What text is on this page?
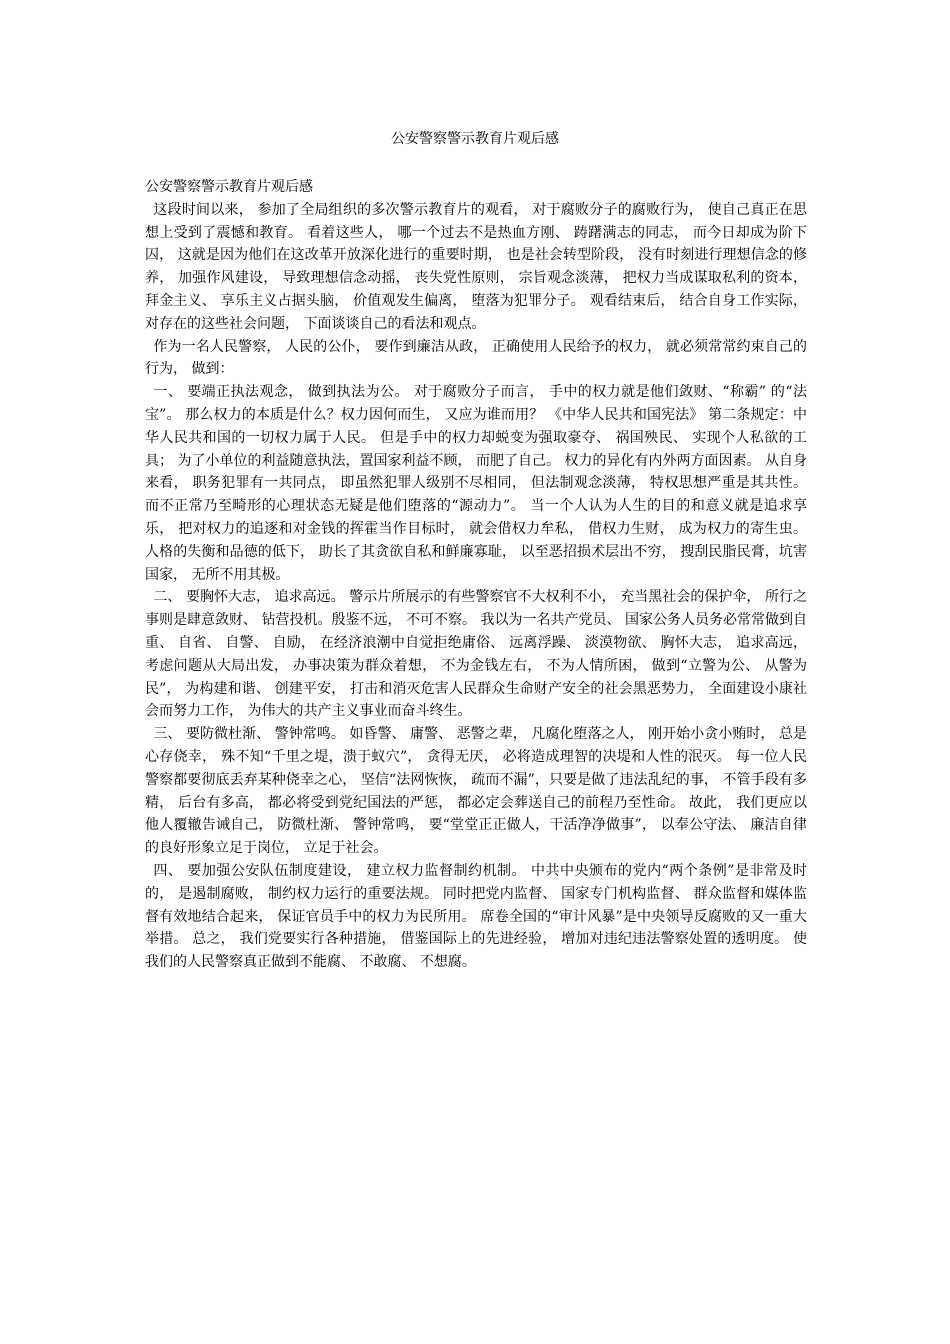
公安警察警示教育片观后感

公安警察警示教育片观后感

这段时间以来， 参加了全局组织的多次警示教育片的观看， 对于腐败分子的腐败行为， 使自己真正在思想上受到了震憾和教育。 看着这些人， 哪一个过去不是热血方刚、 踌躇满志的同志， 而今日却成为阶下囚， 这就是因为他们在这改革开放深化进行的重要时期， 也是社会转型阶段， 没有时刻进行理想信念的修养， 加强作风建设， 导致理想信念动摇， 丧失党性原则， 宗旨观念淡薄， 把权力当成谋取私利的资本， 拜金主义、 享乐主义占据头脑， 价值观发生偏离， 堕落为犯罪分子。 观看结束后， 结合自身工作实际， 对存在的这些社会问题， 下面谈谈自己的看法和观点。

作为一名人民警察， 人民的公仆， 要作到廉洁从政， 正确使用人民给予的权力， 就必须常常约束自己的行为， 做到：

一、 要端正执法观念， 做到执法为公。 对于腐败分子而言， 手中的权力就是他们敛财、“称霸” 的“法宝”。 那么权力的本质是什么？权力因何而生， 又应为谁而用？ 《中华人民共和国宪法》 第二条规定：中华人民共和国的一切权力属于人民。 但是手中的权力却蜕变为强取豪夺、 祸国殃民、 实现个人私欲的工具； 为了小单位的利益随意执法，置国家利益不顾， 而肥了自己。 权力的异化有内外两方面因素。 从自身来看， 职务犯罪有一共同点， 即虽然犯罪人级别不尽相同， 但法制观念淡薄， 特权思想严重是其共性。 而不正常乃至畸形的心理状态无疑是他们堕落的“源动力”。 当一个人认为人生的目的和意义就是追求享乐， 把对权力的追逐和对金钱的挥霍当作目标时， 就会借权力牟私， 借权力生财， 成为权力的寄生虫。 人格的失衡和品德的低下， 助长了其贪欲自私和鲜廉寡耻， 以至恶招损术层出不穷， 搜刮民脂民膏，坑害国家， 无所不用其极。

二、 要胸怀大志， 追求高远。 警示片所展示的有些警察官不大权利不小， 充当黑社会的保护伞， 所行之事则是肆意敛财、 钻营投机。殷鉴不远， 不可不察。 我以为一名共产党员、 国家公务人员务必常常做到自重、 自省、 自警、 自励， 在经济浪潮中自觉拒绝庸俗、 远离浮躁、 淡漠物欲、 胸怀大志， 追求高远， 考虑问题从大局出发， 办事决策为群众着想， 不为金钱左右， 不为人情所困， 做到“立警为公、 从警为民”， 为构建和谐、 创建平安， 打击和消灭危害人民群众生命财产安全的社会黑恶势力， 全面建设小康社会而努力工作， 为伟大的共产主义事业而奋斗终生。

三、 要防微杜渐、 警钟常鸣。 如昏警、 庸警、 恶警之辈， 凡腐化堕落之人， 刚开始小贪小贿时， 总是心存侥幸， 殊不知“千里之堤，溃于蚁穴”， 贪得无厌， 必将造成理智的决堤和人性的泯灭。 每一位人民警察都要彻底丢弃某种侥幸之心， 坚信“法网恢恢， 疏而不漏”，只要是做了违法乱纪的事， 不管手段有多精， 后台有多高， 都必将受到党纪国法的严惩， 都必定会葬送自己的前程乃至性命。 故此， 我们更应以他人覆辙告诫自己， 防微杜渐、 警钟常鸣， 要“堂堂正正做人，干活净净做事”， 以奉公守法、 廉洁自律的良好形象立足于岗位， 立足于社会。

四、 要加强公安队伍制度建设， 建立权力监督制约机制。 中共中央颁布的党内“两个条例”是非常及时的， 是遏制腐败， 制约权力运行的重要法规。 同时把党内监督、 国家专门机构监督、 群众监督和媒体监督有效地结合起来， 保证官员手中的权力为民所用。 席卷全国的“审计风暴”是中央领导反腐败的又一重大举措。 总之， 我们党要实行各种措施， 借鉴国际上的先进经验， 增加对违纪违法警察处置的透明度。 使我们的人民警察真正做到不能腐、 不敢腐、 不想腐。
